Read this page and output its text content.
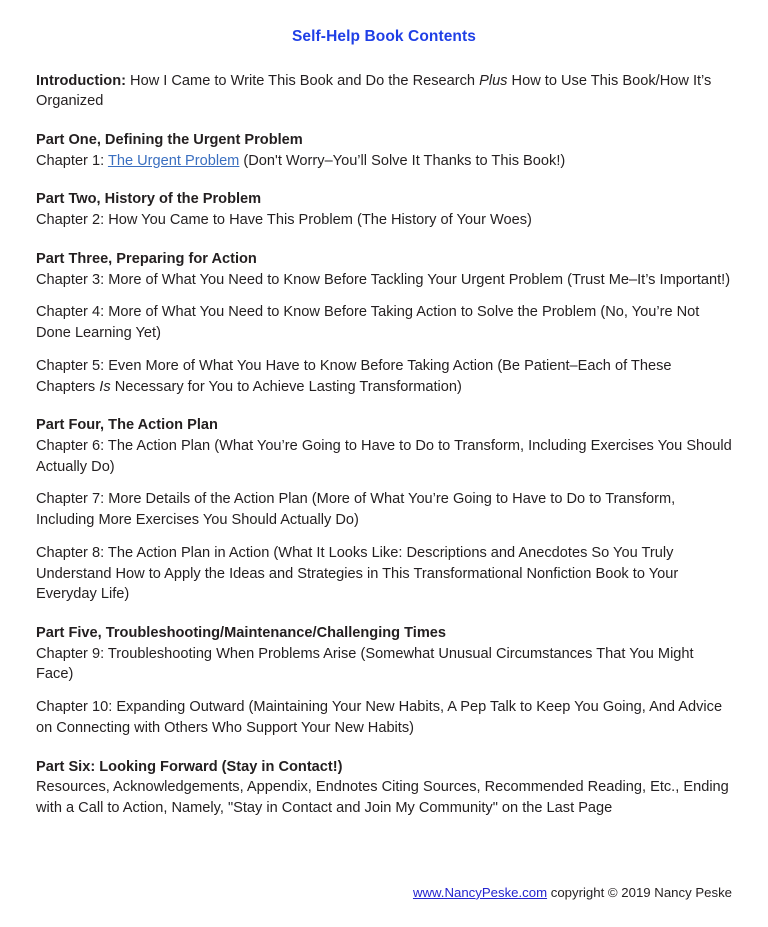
Self-Help Book Contents

Introduction: How I Came to Write This Book and Do the Research Plus How to Use This Book/How It’s Organized

Part One, Defining the Urgent Problem

Chapter 1: The Urgent Problem (Don't Worry–You’ll Solve It Thanks to This Book!)

Part Two, History of the Problem

Chapter 2: How You Came to Have This Problem (The History of Your Woes)

Part Three, Preparing for Action

Chapter 3: More of What You Need to Know Before Tackling Your Urgent Problem (Trust Me–It’s Important!)

Chapter 4: More of What You Need to Know Before Taking Action to Solve the Problem (No, You’re Not Done Learning Yet)

Chapter 5: Even More of What You Have to Know Before Taking Action (Be Patient–Each of These Chapters Is Necessary for You to Achieve Lasting Transformation)

Part Four, The Action Plan

Chapter 6: The Action Plan (What You’re Going to Have to Do to Transform, Including Exercises You Should Actually Do)

Chapter 7: More Details of the Action Plan (More of What You’re Going to Have to Do to Transform, Including More Exercises You Should Actually Do)

Chapter 8: The Action Plan in Action (What It Looks Like: Descriptions and Anecdotes So You Truly Understand How to Apply the Ideas and Strategies in This Transformational Nonfiction Book to Your Everyday Life)

Part Five, Troubleshooting/Maintenance/Challenging Times

Chapter 9: Troubleshooting When Problems Arise (Somewhat Unusual Circumstances That You Might Face)

Chapter 10: Expanding Outward (Maintaining Your New Habits, A Pep Talk to Keep You Going, And Advice on Connecting with Others Who Support Your New Habits)

Part Six: Looking Forward (Stay in Contact!)

Resources, Acknowledgements, Appendix, Endnotes Citing Sources, Recommended Reading, Etc., Ending with a Call to Action, Namely, "Stay in Contact and Join My Community" on the Last Page

www.NancyPeske.com copyright © 2019 Nancy Peske
